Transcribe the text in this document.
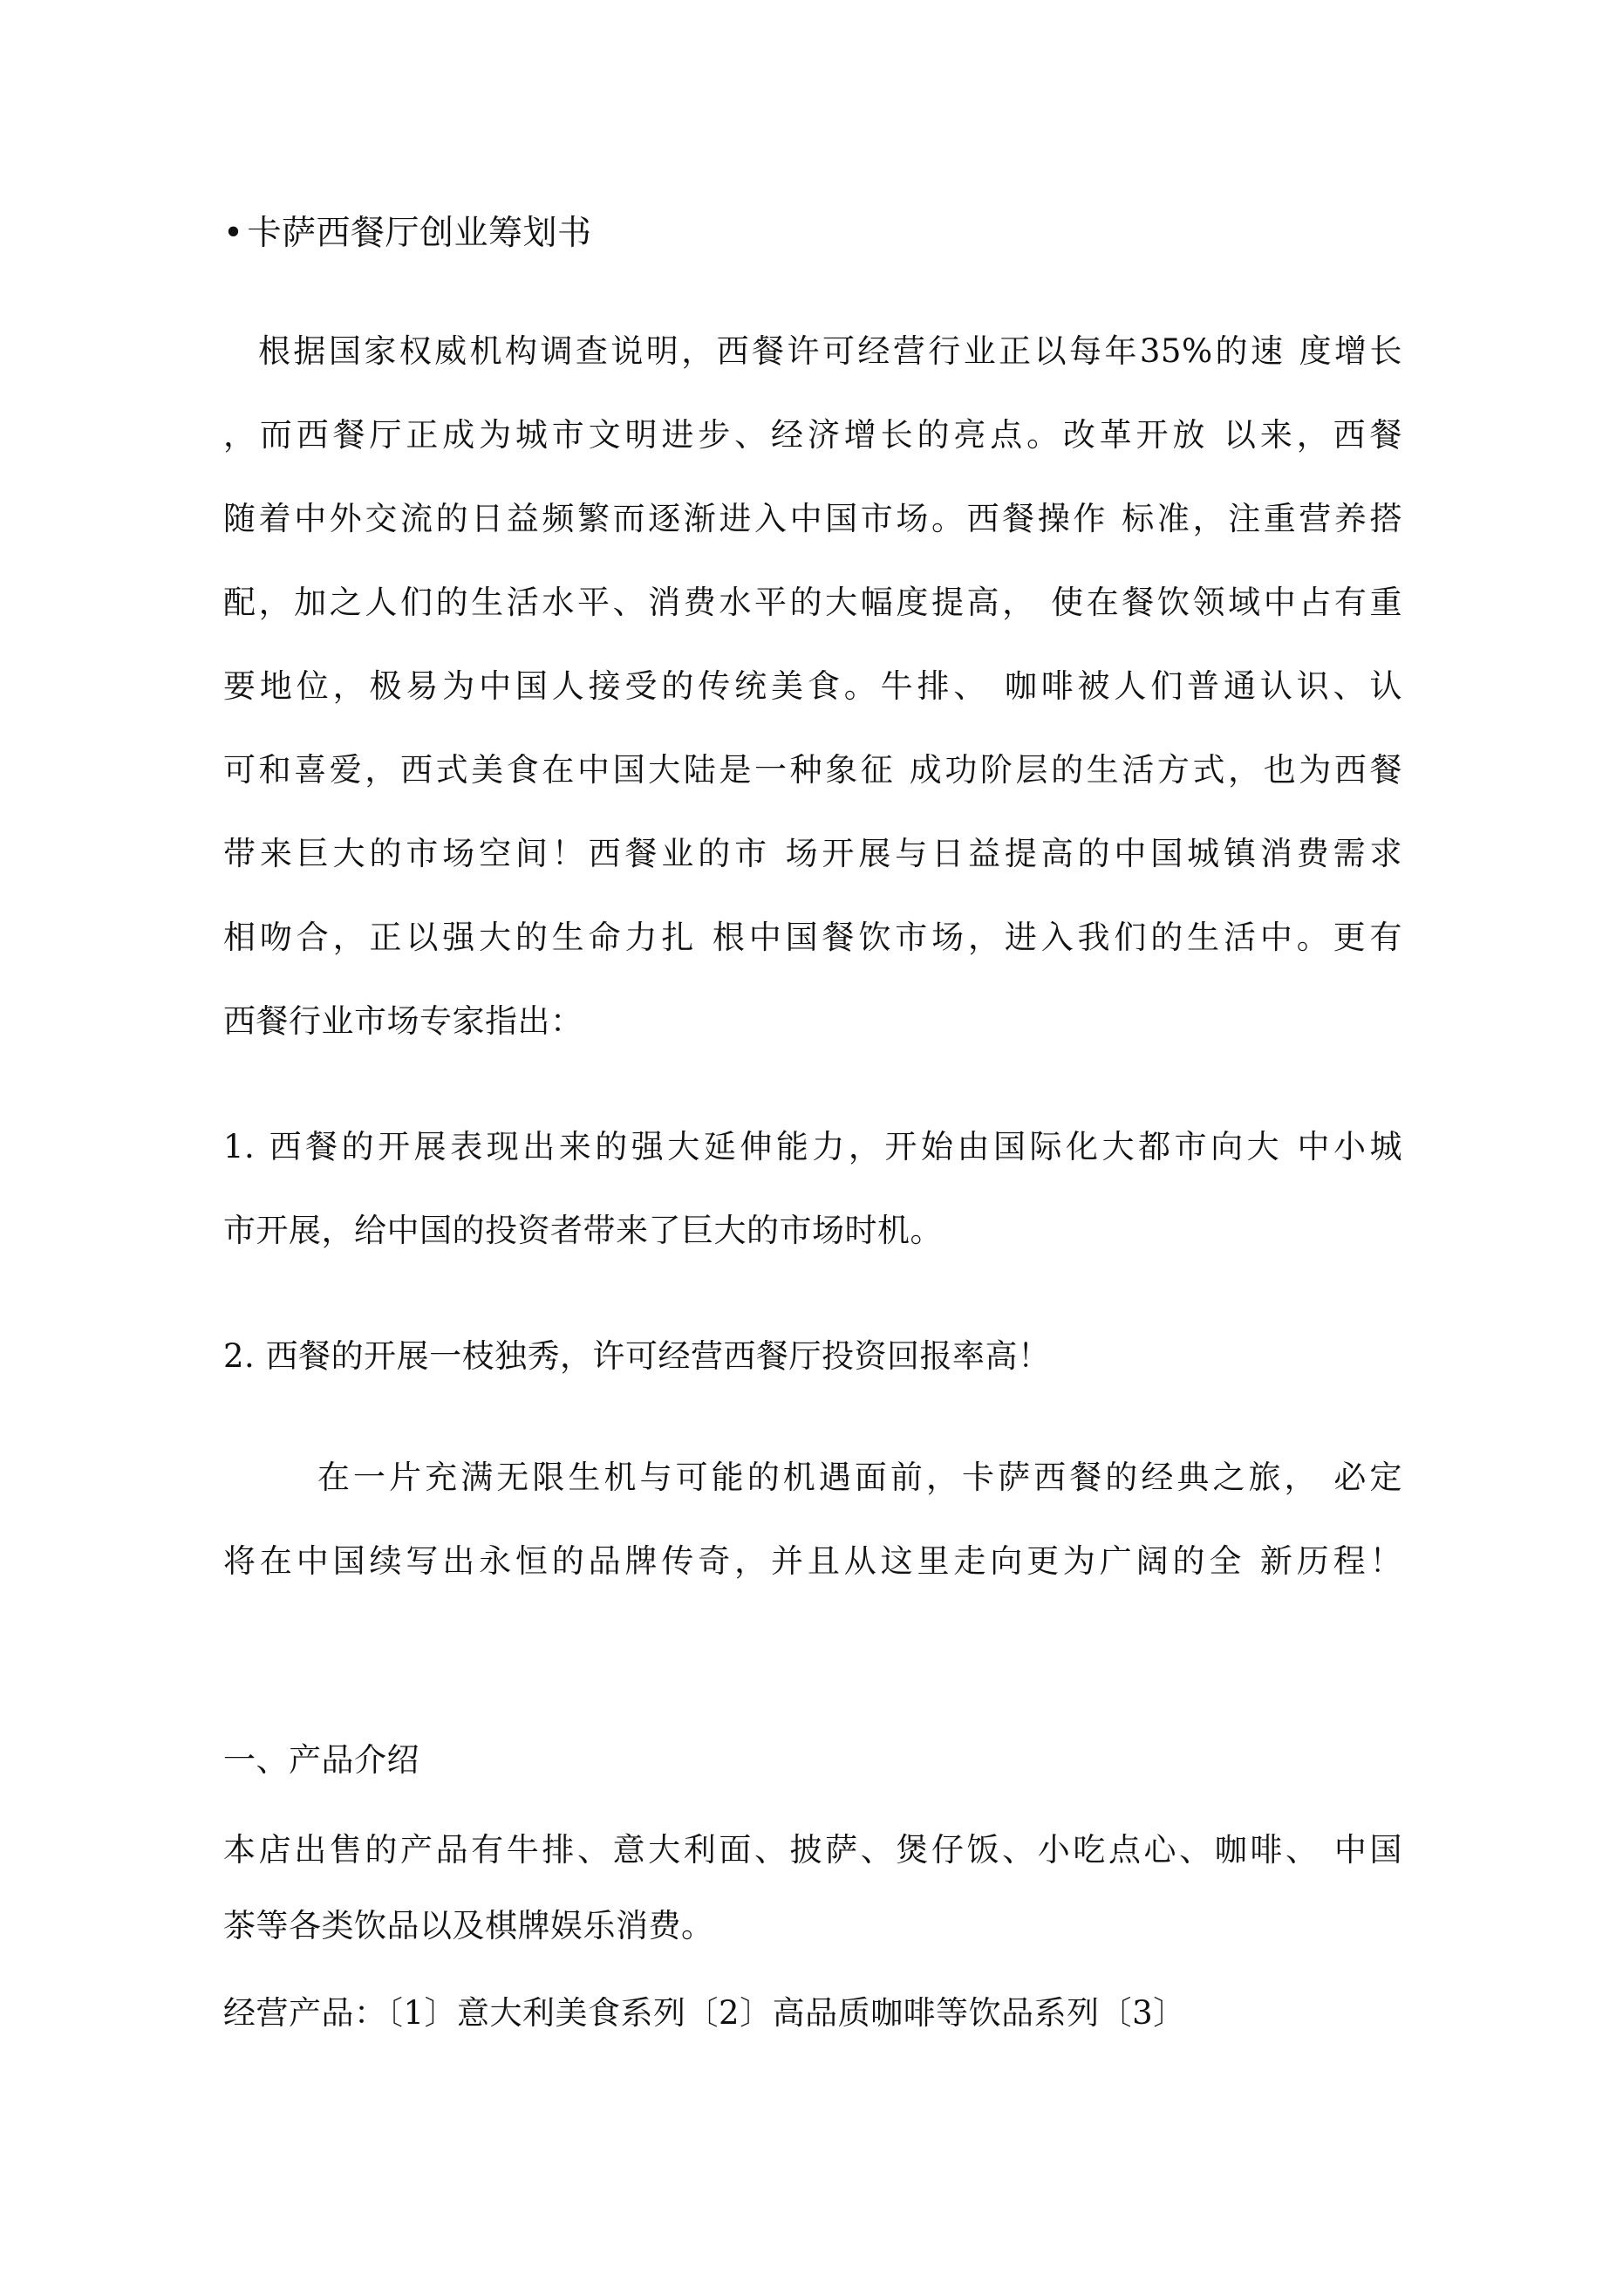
• 卡萨西餐厅创业筹划书
根据国家权威机构调查说明，西餐许可经营行业正以每年35%的速 度增长
，而西餐厅正成为城市文明进步、经济增长的亮点。改革开放 以来，西餐
随着中外交流的日益频繁而逐渐进入中国市场。西餐操作 标准，注重营养搭
配，加之人们的生活水平、消费水平的大幅度提高， 使在餐饮领域中占有重
要地位，极易为中国人接受的传统美食。牛排、 咖啡被人们普通认识、认
可和喜爱，西式美食在中国大陆是一种象征 成功阶层的生活方式，也为西餐
带来巨大的市场空间！西餐业的市 场开展与日益提高的中国城镇消费需求
相吻合，正以强大的生命力扎 根中国餐饮市场，进入我们的生活中。更有
西餐行业市场专家指出：
1. 西餐的开展表现出来的强大延伸能力，开始由国际化大都市向大 中小城
市开展，给中国的投资者带来了巨大的市场时机。
2. 西餐的开展一枝独秀，许可经营西餐厅投资回报率高！
在一片充满无限生机与可能的机遇面前，卡萨西餐的经典之旅， 必定
将在中国续写出永恒的品牌传奇，并且从这里走向更为广阔的全 新历程！
一、产品介绍
本店出售的产品有牛排、意大利面、披萨、煲仔饭、小吃点心、咖啡、 中国
茶等各类饮品以及棋牌娱乐消费。
经营产品：〔1〕意大利美食系列〔2〕高品质咖啡等饮品系列〔3〕
